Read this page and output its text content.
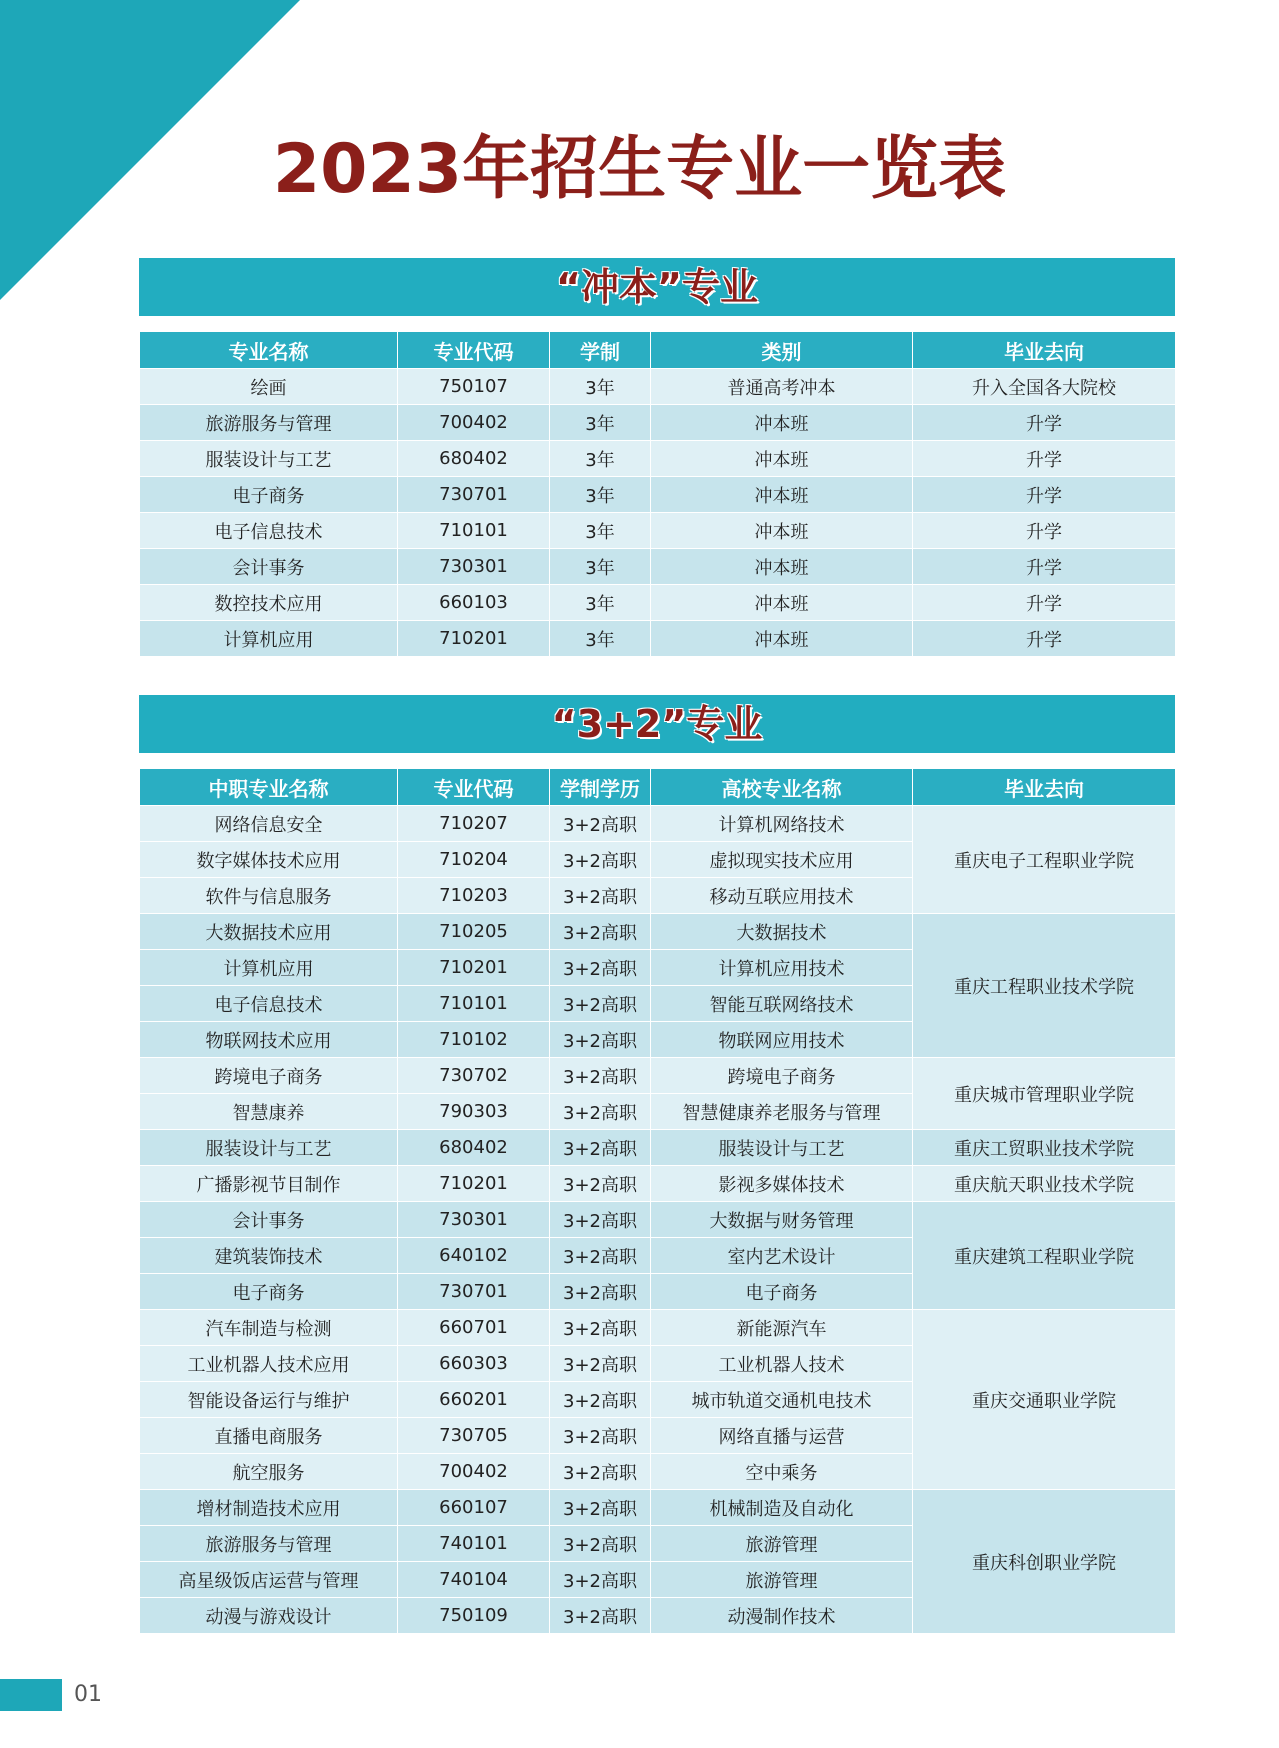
2023年招生专业一览表
“冲本”专业
专业名称	专业代码	学制	类别	毕业去向
绘画	750107	3年	普通高考冲本	升入全国各大院校
旅游服务与管理	700402	3年	冲本班	升学
服装设计与工艺	680402	3年	冲本班	升学
电子商务	730701	3年	冲本班	升学
电子信息技术	710101	3年	冲本班	升学
会计事务	730301	3年	冲本班	升学
数控技术应用	660103	3年	冲本班	升学
计算机应用	710201	3年	冲本班	升学
“3+2”专业
中职专业名称	专业代码	学制学历	高校专业名称	毕业去向
网络信息安全	710207	3+2高职	计算机网络技术	重庆电子工程职业学院
数字媒体技术应用	710204	3+2高职	虚拟现实技术应用	
软件与信息服务	710203	3+2高职	移动互联应用技术	
大数据技术应用	710205	3+2高职	大数据技术	重庆工程职业技术学院
计算机应用	710201	3+2高职	计算机应用技术	
电子信息技术	710101	3+2高职	智能互联网络技术	
物联网技术应用	710102	3+2高职	物联网应用技术	
跨境电子商务	730702	3+2高职	跨境电子商务	重庆城市管理职业学院
智慧康养	790303	3+2高职	智慧健康养老服务与管理	
服装设计与工艺	680402	3+2高职	服装设计与工艺	重庆工贸职业技术学院
广播影视节目制作	710201	3+2高职	影视多媒体技术	重庆航天职业技术学院
会计事务	730301	3+2高职	大数据与财务管理	重庆建筑工程职业学院
建筑装饰技术	640102	3+2高职	室内艺术设计	
电子商务	730701	3+2高职	电子商务	
汽车制造与检测	660701	3+2高职	新能源汽车	重庆交通职业学院
工业机器人技术应用	660303	3+2高职	工业机器人技术	
智能设备运行与维护	660201	3+2高职	城市轨道交通机电技术	
直播电商服务	730705	3+2高职	网络直播与运营	
航空服务	700402	3+2高职	空中乘务	
增材制造技术应用	660107	3+2高职	机械制造及自动化	重庆科创职业学院
旅游服务与管理	740101	3+2高职	旅游管理	
高星级饭店运营与管理	740104	3+2高职	旅游管理	
动漫与游戏设计	750109	3+2高职	动漫制作技术	
01
